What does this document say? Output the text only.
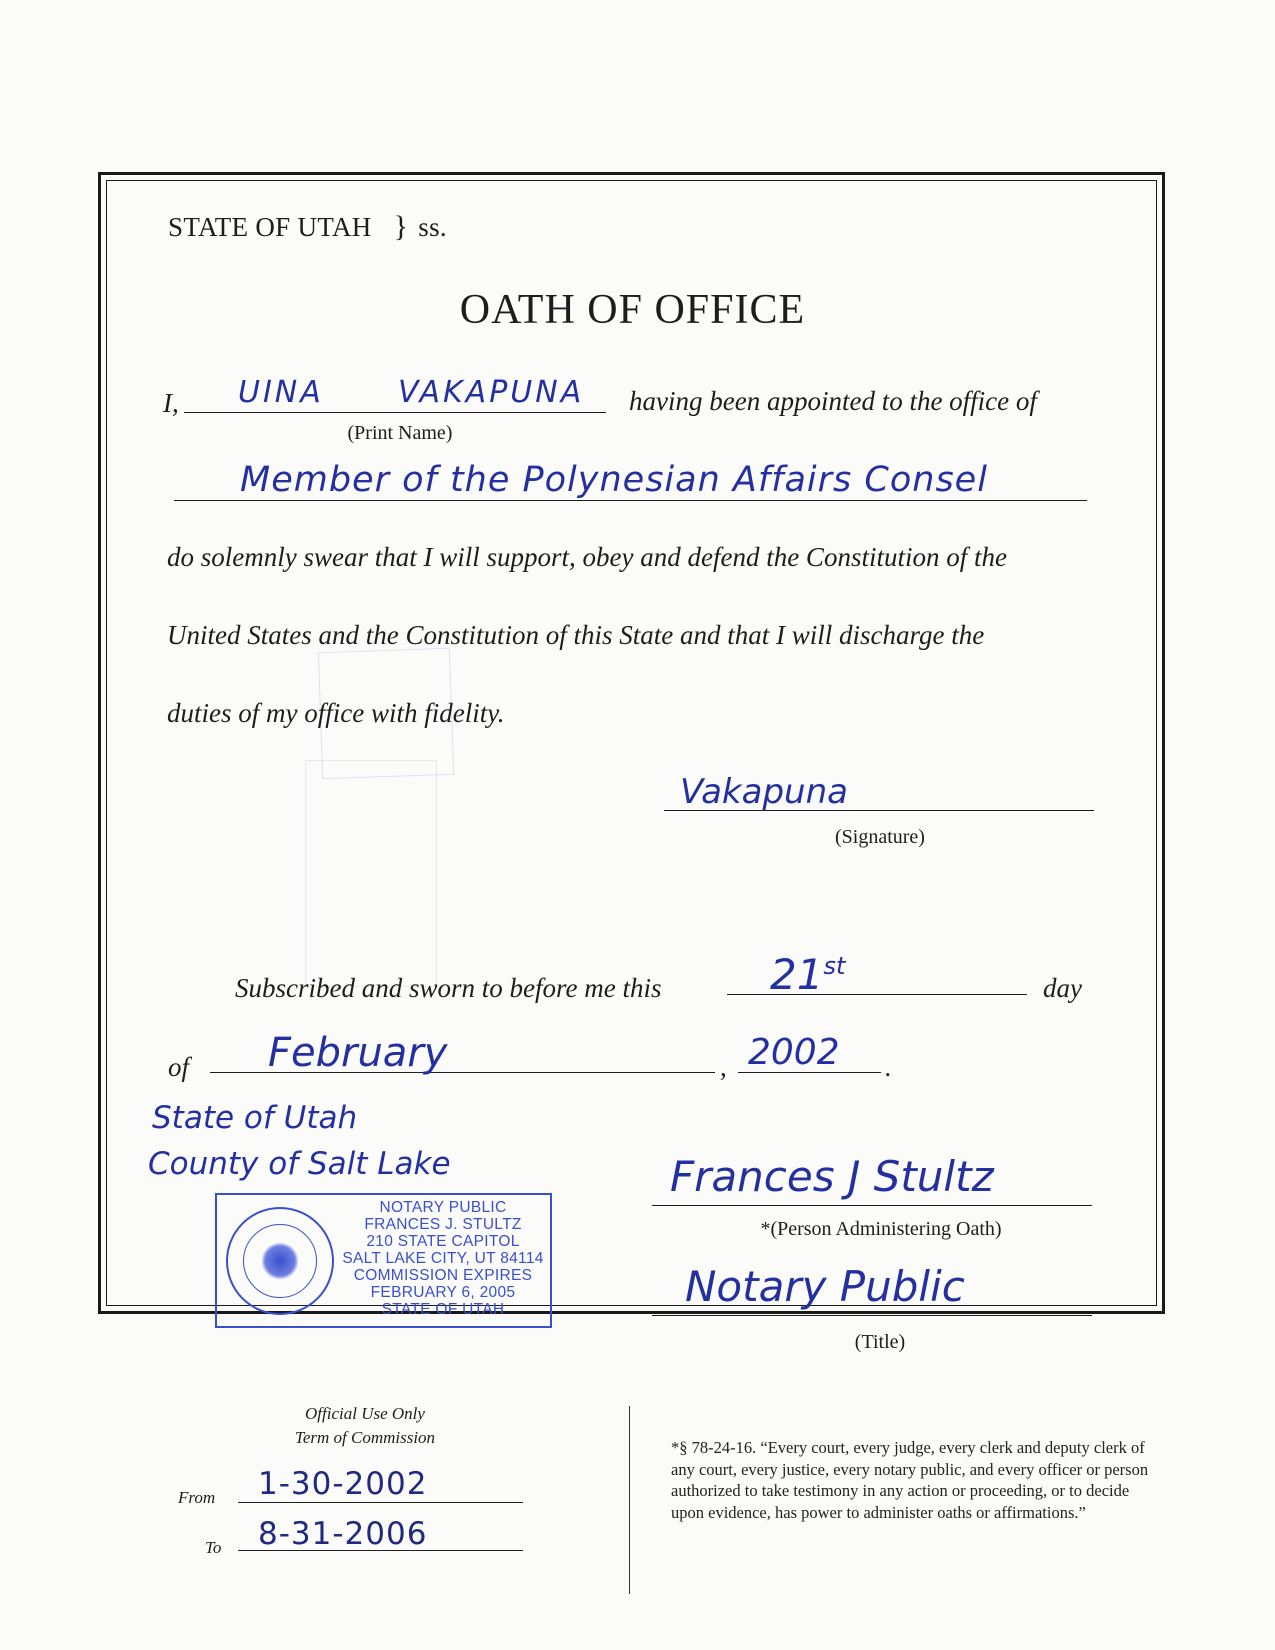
STATE OF UTAH } ss.
OATH OF OFFICE
I, UINA VAKAPUNA having been appointed to the office of
(Print Name)
Member of the Polynesian Affairs Consel
do solemnly swear that I will support, obey and defend the Constitution of the
United States and the Constitution of this State and that I will discharge the
duties of my office with fidelity.
Vakapuna
(Signature)
Subscribed and sworn to before me this	21st
day
of February	, 2002 .
State of Utah
County of Salt Lake	Frances J Stultz
*(Person Administering Oath)
Notary Public
(Title)
NOTARY PUBLIC
FRANCES J. STULTZ
210 STATE CAPITOL
SALT LAKE CITY, UT 84114
COMMISSION EXPIRES
FEBRUARY 6, 2005
STATE OF UTAH
Official Use Only
Term of Commission
From 1-30-2002
To 8-31-2006
*§ 78-24-16. “Every court, every judge, every clerk and deputy clerk of any court, every justice, every notary public, and every officer or person authorized to take testimony in any action or proceeding, or to decide upon evidence, has power to administer oaths or affirmations.”
